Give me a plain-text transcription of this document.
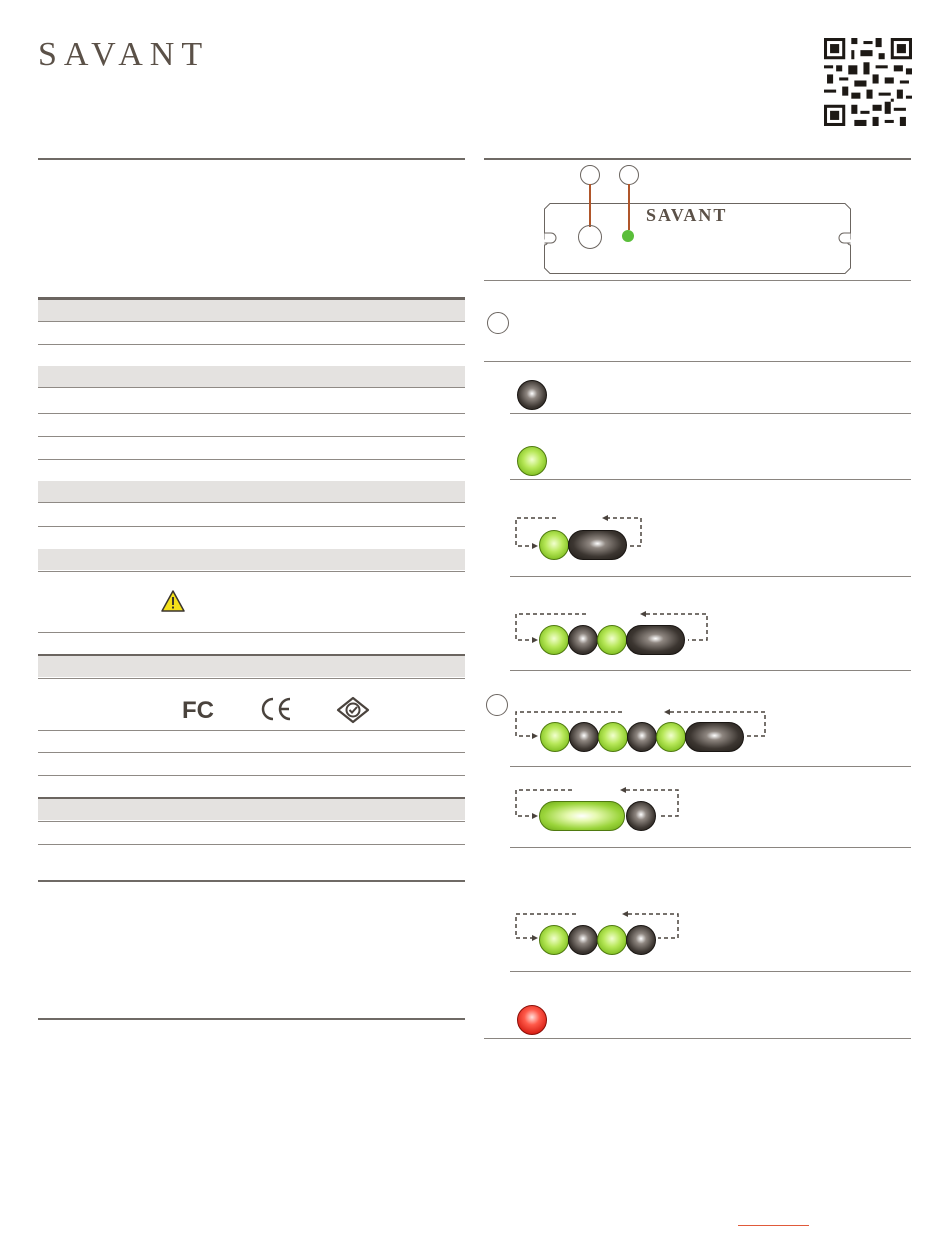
SAVANT
FC
SAVANT
